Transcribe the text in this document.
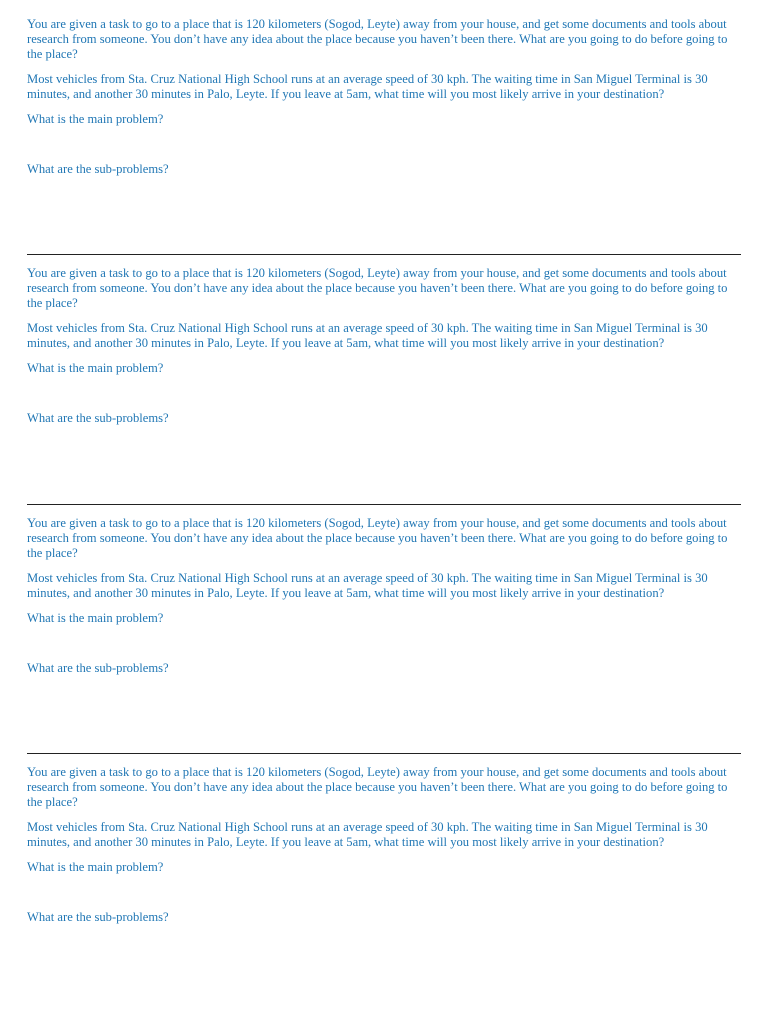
You are given a task to go to a place that is 120 kilometers (Sogod, Leyte) away from your house, and get some documents and tools about research from someone. You don’t have any idea about the place because you haven’t been there. What are you going to do before going to the place?

Most vehicles from Sta. Cruz National High School runs at an average speed of 30 kph. The waiting time in San Miguel Terminal is 30 minutes, and another 30 minutes in Palo, Leyte. If you leave at 5am, what time will you most likely arrive in your destination?

What is the main problem?

What are the sub-problems?

You are given a task to go to a place that is 120 kilometers (Sogod, Leyte) away from your house, and get some documents and tools about research from someone. You don’t have any idea about the place because you haven’t been there. What are you going to do before going to the place?

Most vehicles from Sta. Cruz National High School runs at an average speed of 30 kph. The waiting time in San Miguel Terminal is 30 minutes, and another 30 minutes in Palo, Leyte. If you leave at 5am, what time will you most likely arrive in your destination?

What is the main problem?

What are the sub-problems?

You are given a task to go to a place that is 120 kilometers (Sogod, Leyte) away from your house, and get some documents and tools about research from someone. You don’t have any idea about the place because you haven’t been there. What are you going to do before going to the place?

Most vehicles from Sta. Cruz National High School runs at an average speed of 30 kph. The waiting time in San Miguel Terminal is 30 minutes, and another 30 minutes in Palo, Leyte. If you leave at 5am, what time will you most likely arrive in your destination?

What is the main problem?

What are the sub-problems?

You are given a task to go to a place that is 120 kilometers (Sogod, Leyte) away from your house, and get some documents and tools about research from someone. You don’t have any idea about the place because you haven’t been there. What are you going to do before going to the place?

Most vehicles from Sta. Cruz National High School runs at an average speed of 30 kph. The waiting time in San Miguel Terminal is 30 minutes, and another 30 minutes in Palo, Leyte. If you leave at 5am, what time will you most likely arrive in your destination?

What is the main problem?

What are the sub-problems?
